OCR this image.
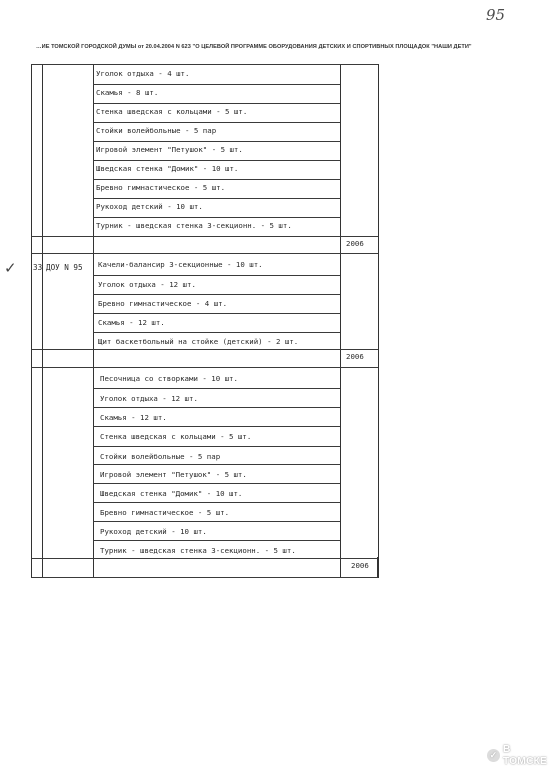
95
…ИЕ ТОМСКОЙ ГОРОДСКОЙ ДУМЫ от 20.04.2004 N 623 "О ЦЕЛЕВОЙ ПРОГРАММЕ ОБОРУДОВАНИЯ ДЕТСКИХ И СПОРТИВНЫХ ПЛОЩАДОК "НАШИ ДЕТИ"
✓
Уголок отдыха - 4 шт.
Скамья - 8 шт.
Стенка шведская с кольцами - 5 шт.
Стойки волейбольные - 5 пар
Игровой элемент "Петушок" - 5 шт.
Шведская стенка "Домик" - 10 шт.
Бревно гимнастическое - 5 шт.
Рукоход детский - 10 шт.
Турник - шведская стенка 3-секционн. - 5 шт.
2006
33 ДОУ N 95 Качели-балансир 3-секционные - 10 шт.
Уголок отдыха - 12 шт.
Бревно гимнастическое - 4 шт.
Скамья - 12 шт.
Щит баскетбольный на стойке (детский) - 2 шт.
2006
Песочница со створками - 10 шт.
Уголок отдыха - 12 шт.
Скамья - 12 шт.
Стенка шведская с кольцами - 5 шт.
Стойки волейбольные - 5 пар
Игровой элемент "Петушок" - 5 шт.
Шведская стенка "Домик" - 10 шт.
Бревно гимнастическое - 5 шт.
Рукоход детский - 10 шт.
Турник - шведская стенка 3-секционн. - 5 шт.
2006
✓ В ТОМСКЕ
